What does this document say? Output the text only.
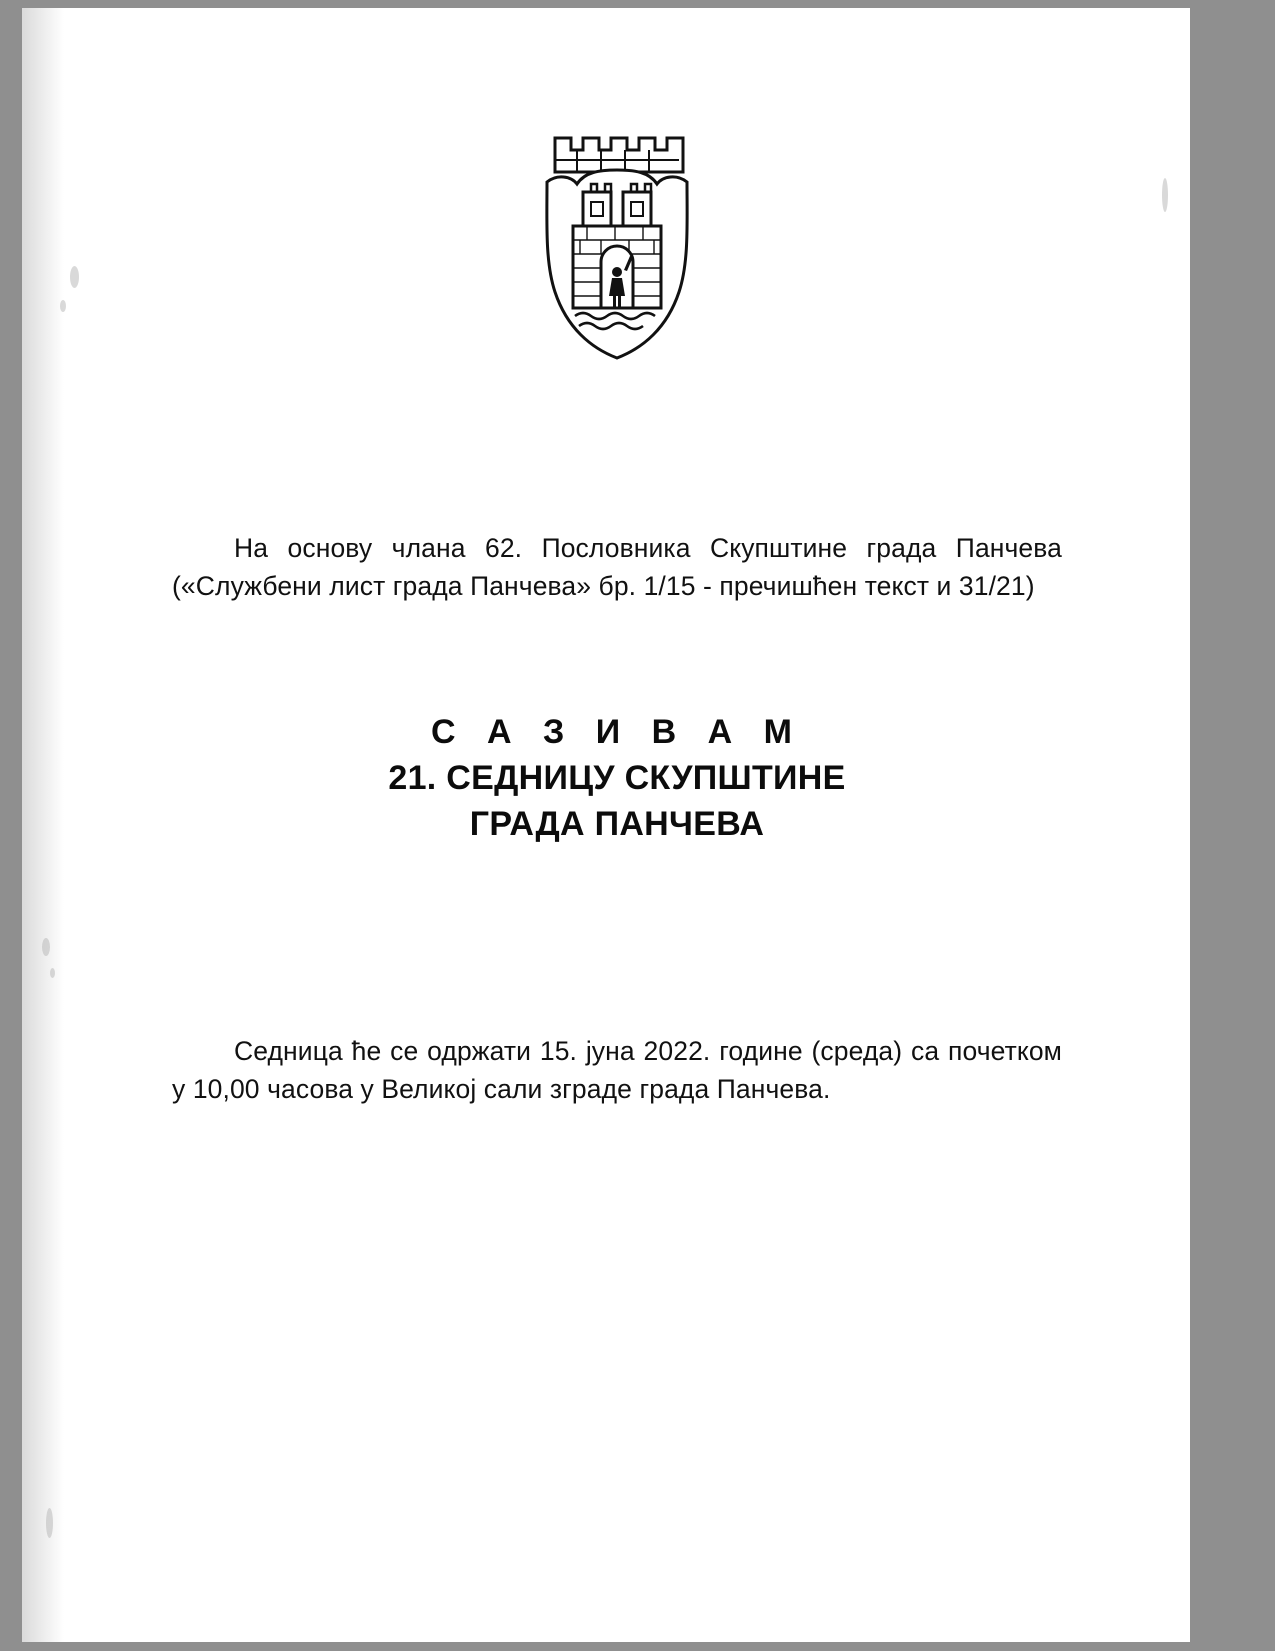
На основу члана 62. Пословника Скупштине града Панчева («Службени лист града Панчева» бр. 1/15 - пречишћен текст и 31/21)

С А З И В А М
21. СЕДНИЦУ СКУПШТИНЕ
ГРАДА ПАНЧЕВА

Седница ће се одржати 15. јуна 2022. године (среда) са почетком у 10,00 часова у Великој сали зграде града Панчева.
